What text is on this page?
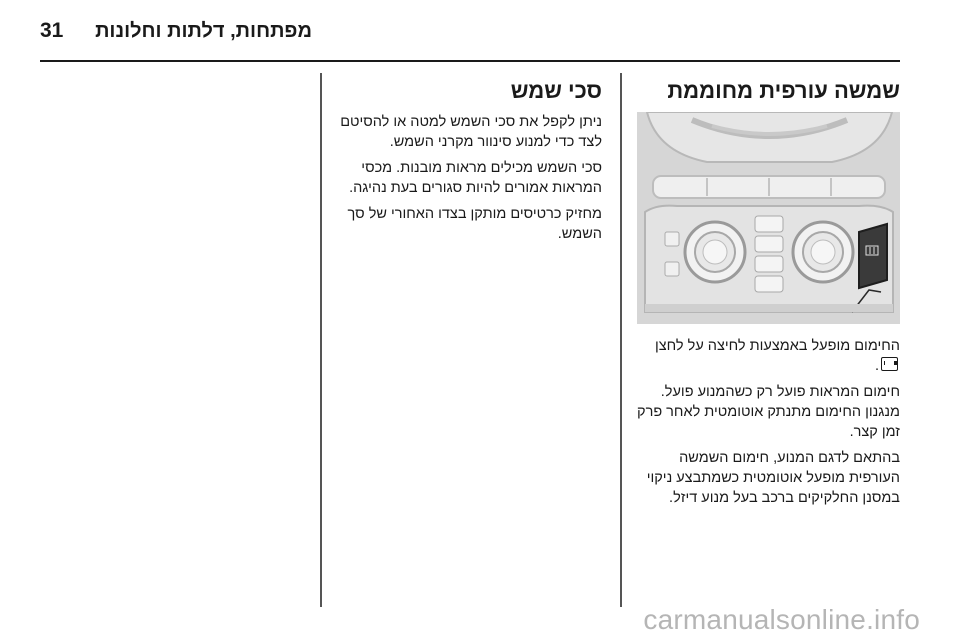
31 מפתחות, דלתות וחלונות
שמשה עורפית מחוממת

החימום מופעל באמצעות לחיצה על לחצן .

חימום המראות פועל רק כשהמנוע פועל. מנגנון החימום מתנתק אוטומטית לאחר פרק זמן קצר.

בהתאם לדגם המנוע, חימום השמשה העורפית מופעל אוטומטית כשמתבצע ניקוי במסנן החלקיקים ברכב בעל מנוע דיזל.

סכי שמש

ניתן לקפל את סכי השמש למטה או להסיטם לצד כדי למנוע סינוור מקרני השמש.

סכי השמש מכילים מראות מובנות. מכסי המראות אמורים להיות סגורים בעת נהיגה.

מחזיק כרטיסים מותקן בצדו האחורי של סך השמש.

carmanualsonline.info
